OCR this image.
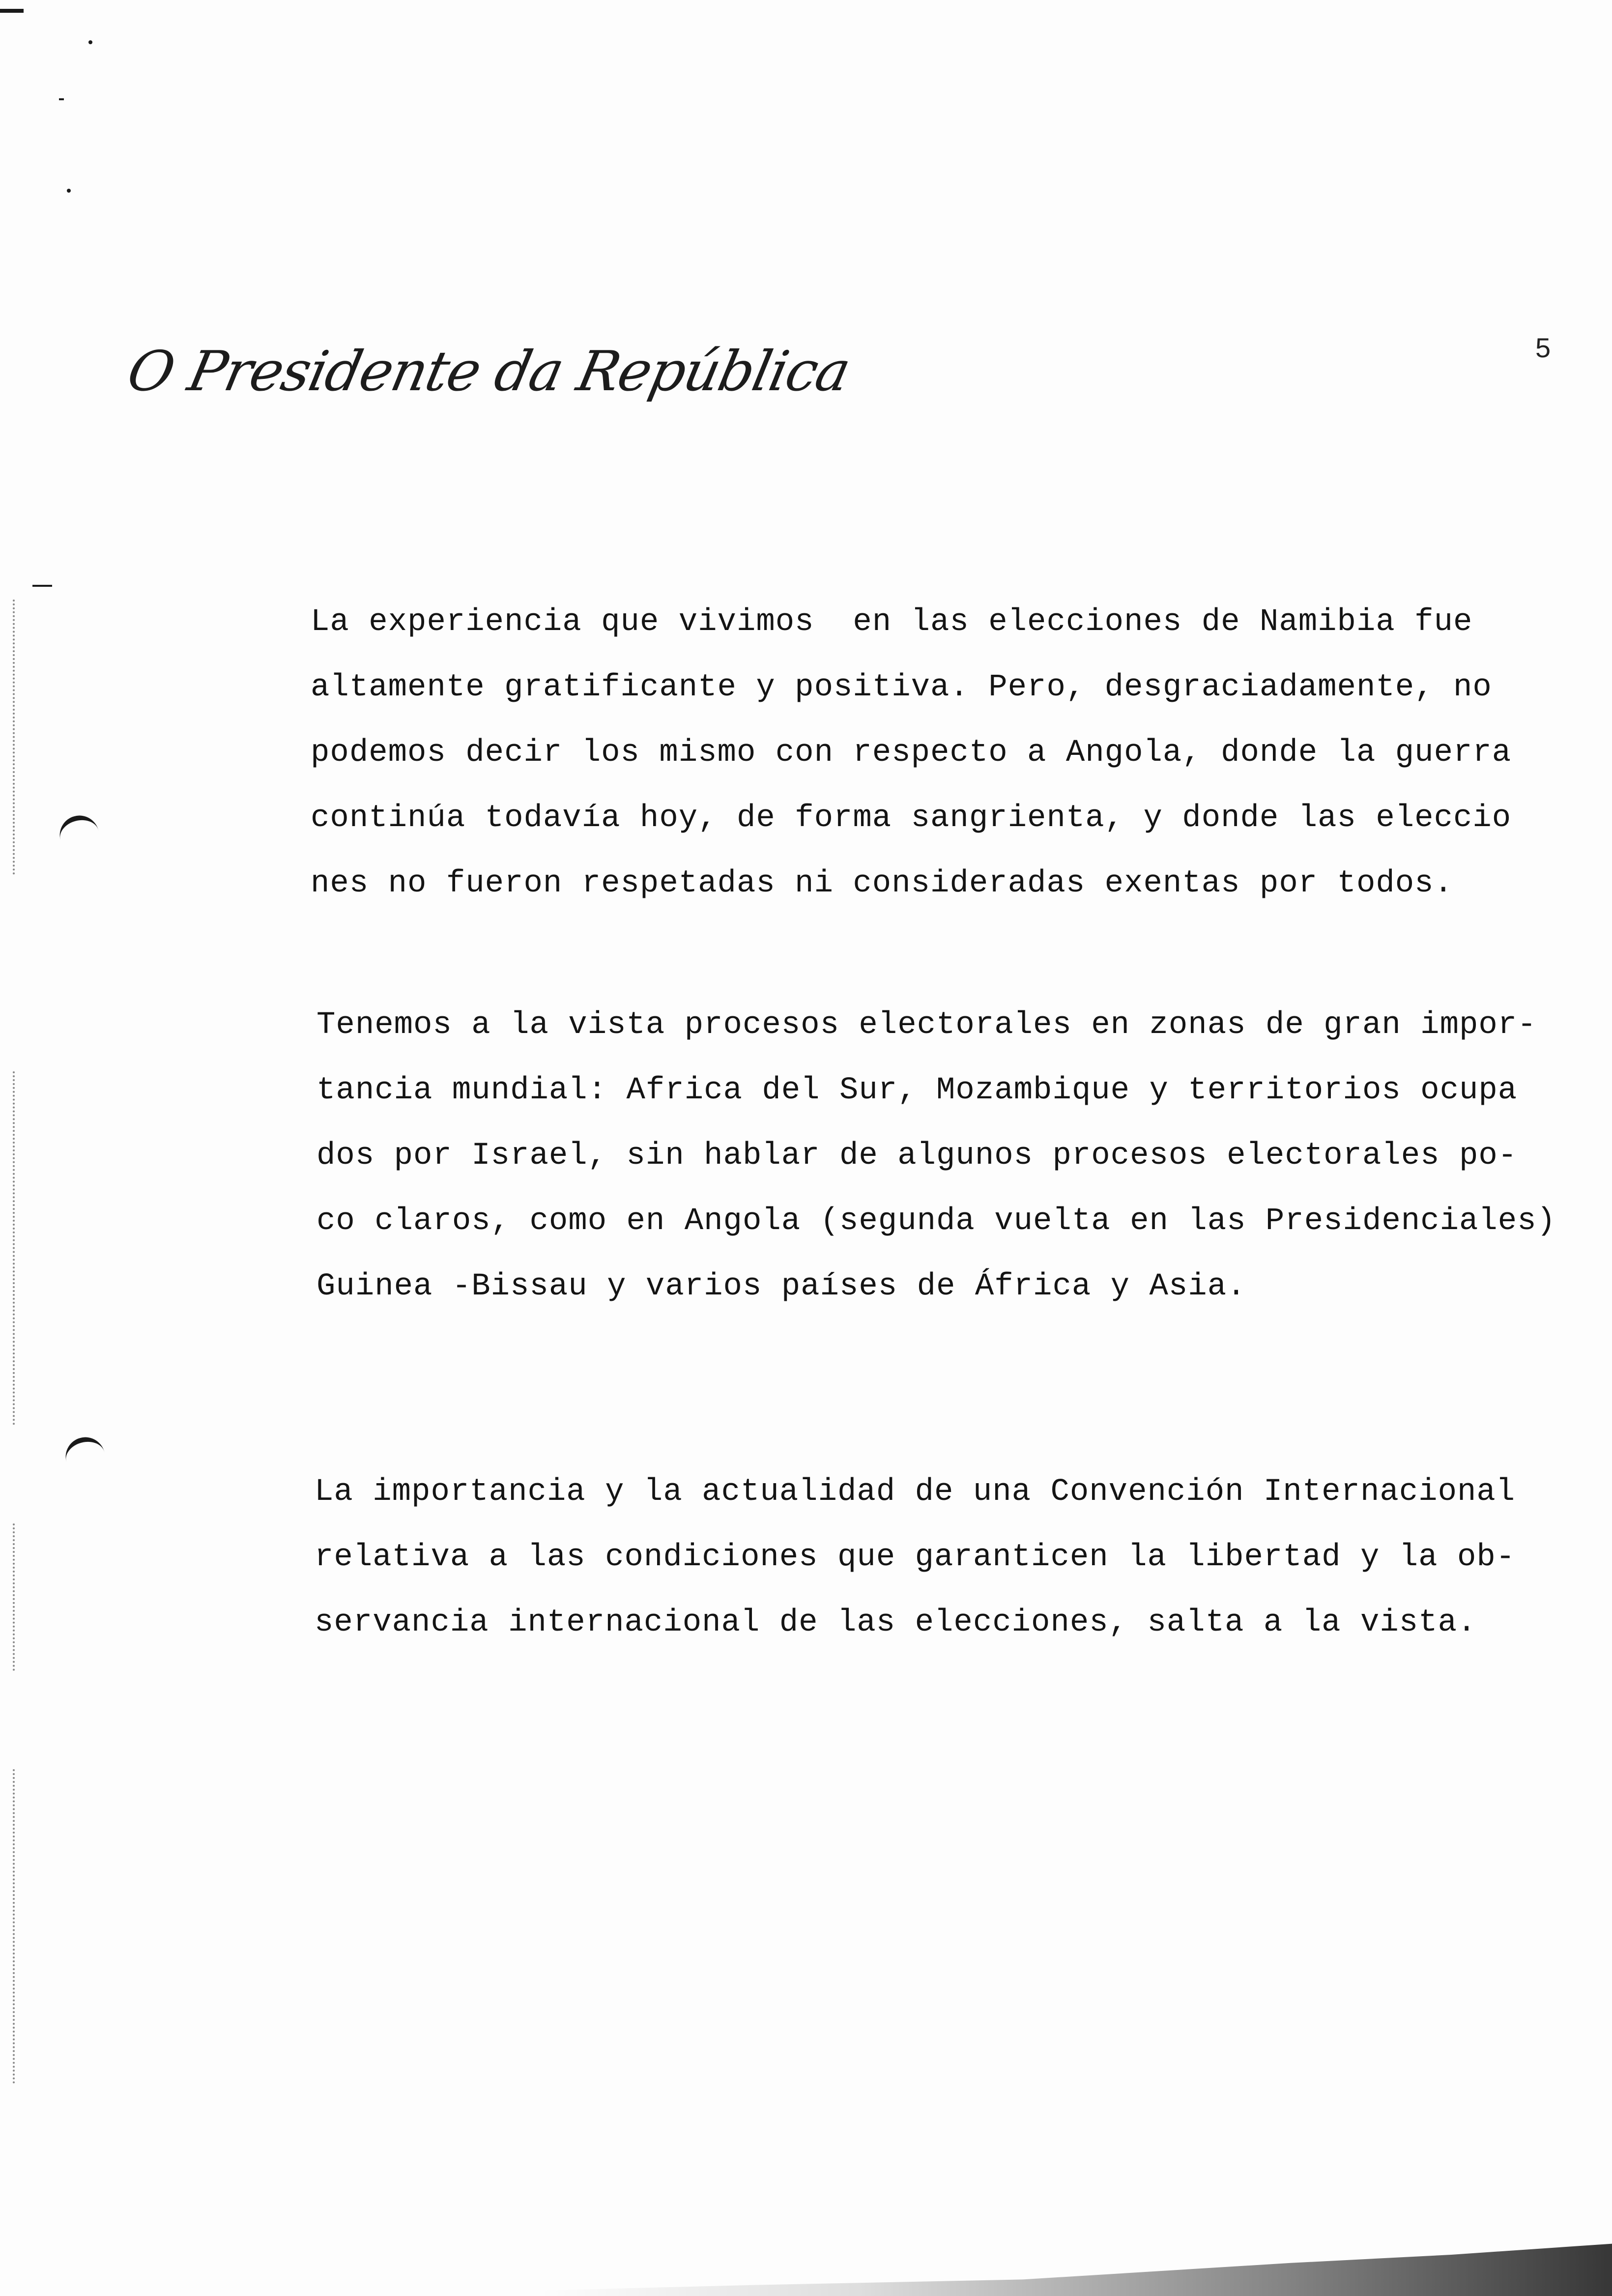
O Presidente da República	5
La experiencia que vivimos  en las elecciones de Namibia fue
altamente gratificante y positiva. Pero, desgraciadamente, no
podemos decir los mismo con respecto a Angola, donde la guerra
continúa todavía hoy, de forma sangrienta, y donde las eleccio
nes no fueron respetadas ni consideradas exentas por todos.
Tenemos a la vista procesos electorales en zonas de gran impor-
tancia mundial: Africa del Sur, Mozambique y territorios ocupa
dos por Israel, sin hablar de algunos procesos electorales po-
co claros, como en Angola (segunda vuelta en las Presidenciales)
Guinea -Bissau y varios países de África y Asia.
La importancia y la actualidad de una Convención Internacional
relativa a las condiciones que garanticen la libertad y la ob-
servancia internacional de las elecciones, salta a la vista.
